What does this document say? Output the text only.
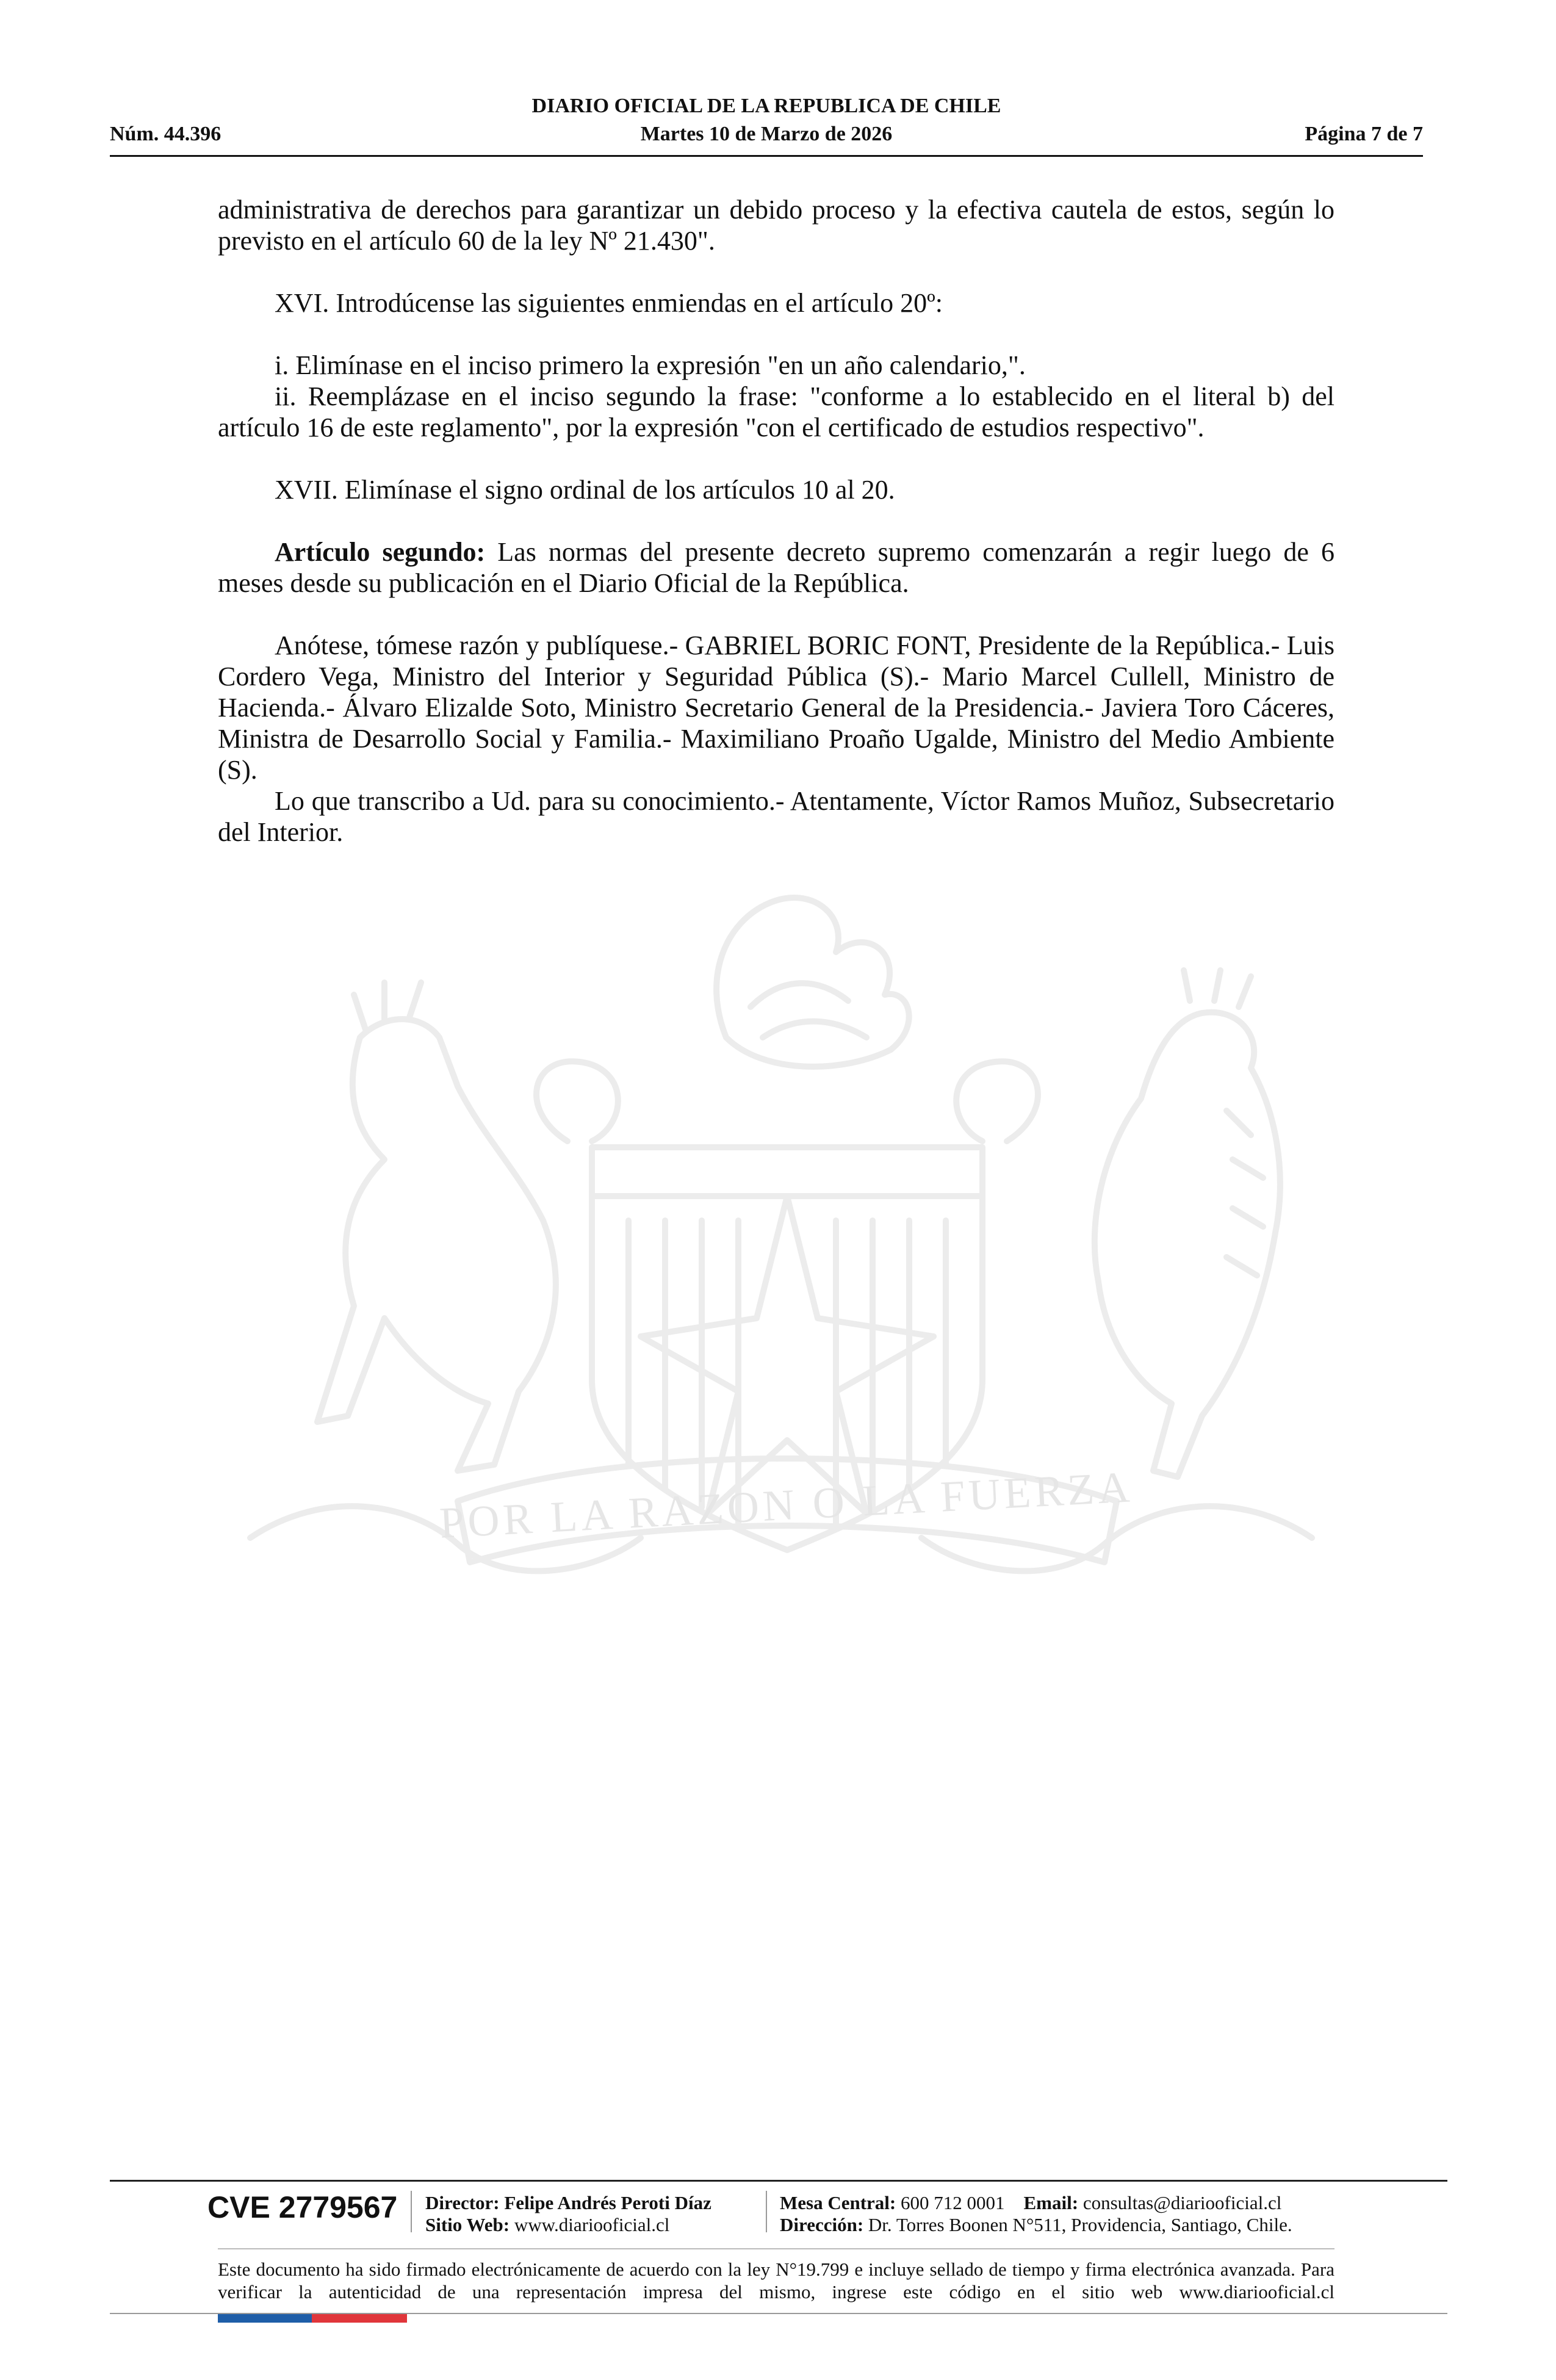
DIARIO OFICIAL DE LA REPUBLICA DE CHILE
Núm. 44.396	Martes 10 de Marzo de 2026	Página 7 de 7
POR LA RAZON O LA FUERZA

administrativa de derechos para garantizar un debido proceso y la efectiva cautela de estos, según lo previsto en el artículo 60 de la ley Nº 21.430".

XVI. Introdúcense las siguientes enmiendas en el artículo 20º:

i. Elimínase en el inciso primero la expresión "en un año calendario,".

ii. Reemplázase en el inciso segundo la frase: "conforme a lo establecido en el literal b) del artículo 16 de este reglamento", por la expresión "con el certificado de estudios respectivo".

XVII. Elimínase el signo ordinal de los artículos 10 al 20.

Artículo segundo: Las normas del presente decreto supremo comenzarán a regir luego de 6 meses desde su publicación en el Diario Oficial de la República.

Anótese, tómese razón y publíquese.- GABRIEL BORIC FONT, Presidente de la República.- Luis Cordero Vega, Ministro del Interior y Seguridad Pública (S).- Mario Marcel Cullell, Ministro de Hacienda.- Álvaro Elizalde Soto, Ministro Secretario General de la Presidencia.- Javiera Toro Cáceres, Ministra de Desarrollo Social y Familia.- Maximiliano Proaño Ugalde, Ministro del Medio Ambiente (S).

Lo que transcribo a Ud. para su conocimiento.- Atentamente, Víctor Ramos Muñoz, Subsecretario del Interior.

CVE 2779567 Director: Felipe Andrés Peroti Díaz
Sitio Web: www.diariooficial.cl
Mesa Central: 600 712 0001 Email: consultas@diariooficial.cl
Dirección: Dr. Torres Boonen N°511, Providencia, Santiago, Chile.
Este documento ha sido firmado electrónicamente de acuerdo con la ley N°19.799 e incluye sellado de tiempo y firma electrónica avanzada. Para verificar la autenticidad de una representación impresa del mismo, ingrese este código en el sitio web www.diariooficial.cl
